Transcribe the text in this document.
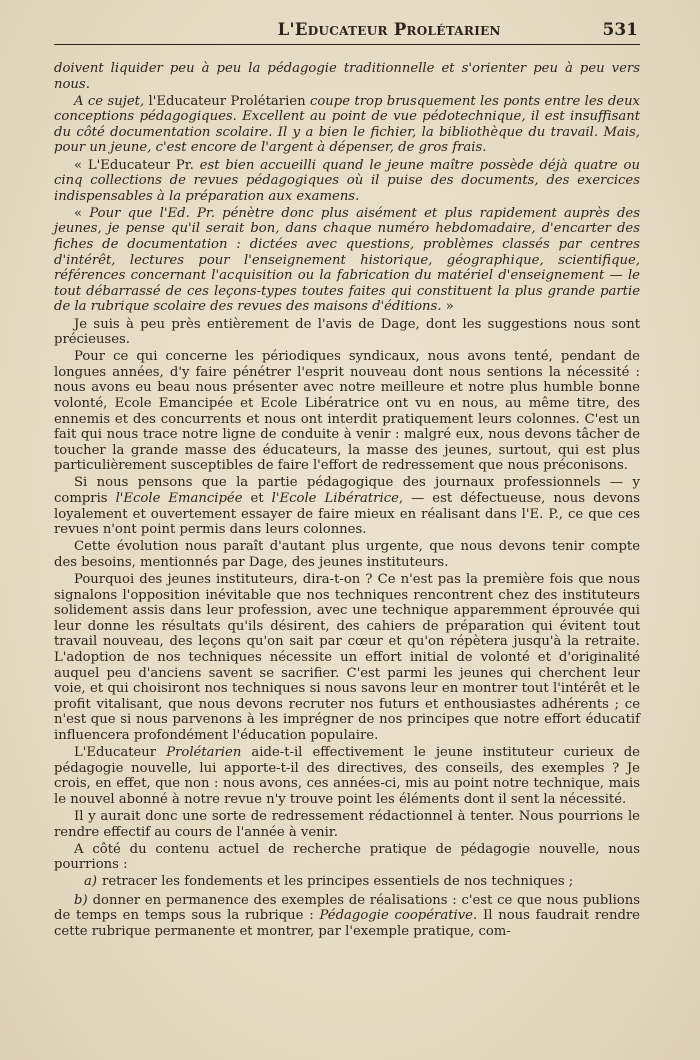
L'Educateur Prolétarien	531

doivent liquider peu à peu la pédagogie traditionnelle et s'orienter peu à peu vers nous.

A ce sujet, l'Educateur Prolétarien coupe trop brusquement les ponts entre les deux conceptions pédagogiques. Excellent au point de vue pédotechnique, il est insuffisant du côté documentation scolaire. Il y a bien le fichier, la bibliothèque du travail. Mais, pour un jeune, c'est encore de l'argent à dépenser, de gros frais.

« L'Educateur Pr. est bien accueilli quand le jeune maître possède déjà quatre ou cinq collections de revues pédagogiques où il puise des documents, des exercices indispensables à la préparation aux examens.

« Pour que l'Ed. Pr. pénètre donc plus aisément et plus rapidement auprès des jeunes, je pense qu'il serait bon, dans chaque numéro hebdomadaire, d'encarter des fiches de documentation : dictées avec questions, problèmes classés par centres d'intérêt, lectures pour l'enseignement historique, géographique, scientifique, références concernant l'acquisition ou la fabrication du matériel d'enseignement — le tout débarrassé de ces leçons-types toutes faites qui constituent la plus grande partie de la rubrique scolaire des revues des maisons d'éditions. »

Je suis à peu près entièrement de l'avis de Dage, dont les suggestions nous sont précieuses.

Pour ce qui concerne les périodiques syndicaux, nous avons tenté, pendant de longues années, d'y faire pénétrer l'esprit nouveau dont nous sentions la nécessité : nous avons eu beau nous présenter avec notre meilleure et notre plus humble bonne volonté, Ecole Emancipée et Ecole Libératrice ont vu en nous, au même titre, des ennemis et des concurrents et nous ont interdit pratiquement leurs colonnes. C'est un fait qui nous trace notre ligne de conduite à venir : malgré eux, nous devons tâcher de toucher la grande masse des éducateurs, la masse des jeunes, surtout, qui est plus particulièrement susceptibles de faire l'effort de redressement que nous préconisons.

Si nous pensons que la partie pédagogique des journaux professionnels — y compris l'Ecole Emancipée et l'Ecole Libératrice, — est défectueuse, nous devons loyalement et ouvertement essayer de faire mieux en réalisant dans l'E. P., ce que ces revues n'ont point permis dans leurs colonnes.

Cette évolution nous paraît d'autant plus urgente, que nous devons tenir compte des besoins, mentionnés par Dage, des jeunes instituteurs.

Pourquoi des jeunes instituteurs, dira-t-on ? Ce n'est pas la première fois que nous signalons l'opposition inévitable que nos techniques rencontrent chez des instituteurs solidement assis dans leur profession, avec une technique apparemment éprouvée qui leur donne les résultats qu'ils désirent, des cahiers de préparation qui évitent tout travail nouveau, des leçons qu'on sait par cœur et qu'on répètera jusqu'à la retraite. L'adoption de nos techniques nécessite un effort initial de volonté et d'originalité auquel peu d'anciens savent se sacrifier. C'est parmi les jeunes qui cherchent leur voie, et qui choisiront nos techniques si nous savons leur en montrer tout l'intérêt et le profit vitalisant, que nous devons recruter nos futurs et enthousiastes adhérents ; ce n'est que si nous parvenons à les imprégner de nos principes que notre effort éducatif influencera profondément l'éducation populaire.

L'Educateur Prolétarien aide-t-il effectivement le jeune instituteur curieux de pédagogie nouvelle, lui apporte-t-il des directives, des conseils, des exemples ? Je crois, en effet, que non : nous avons, ces années-ci, mis au point notre technique, mais le nouvel abonné à notre revue n'y trouve point les éléments dont il sent la nécessité.

Il y aurait donc une sorte de redressement rédactionnel à tenter. Nous pourrions le rendre effectif au cours de l'année à venir.

A côté du contenu actuel de recherche pratique de pédagogie nouvelle, nous pourrions :

a) retracer les fondements et les principes essentiels de nos techniques ;

b) donner en permanence des exemples de réalisations : c'est ce que nous publions de temps en temps sous la rubrique : Pédagogie coopérative. Il nous faudrait rendre cette rubrique permanente et montrer, par l'exemple pratique, com-
